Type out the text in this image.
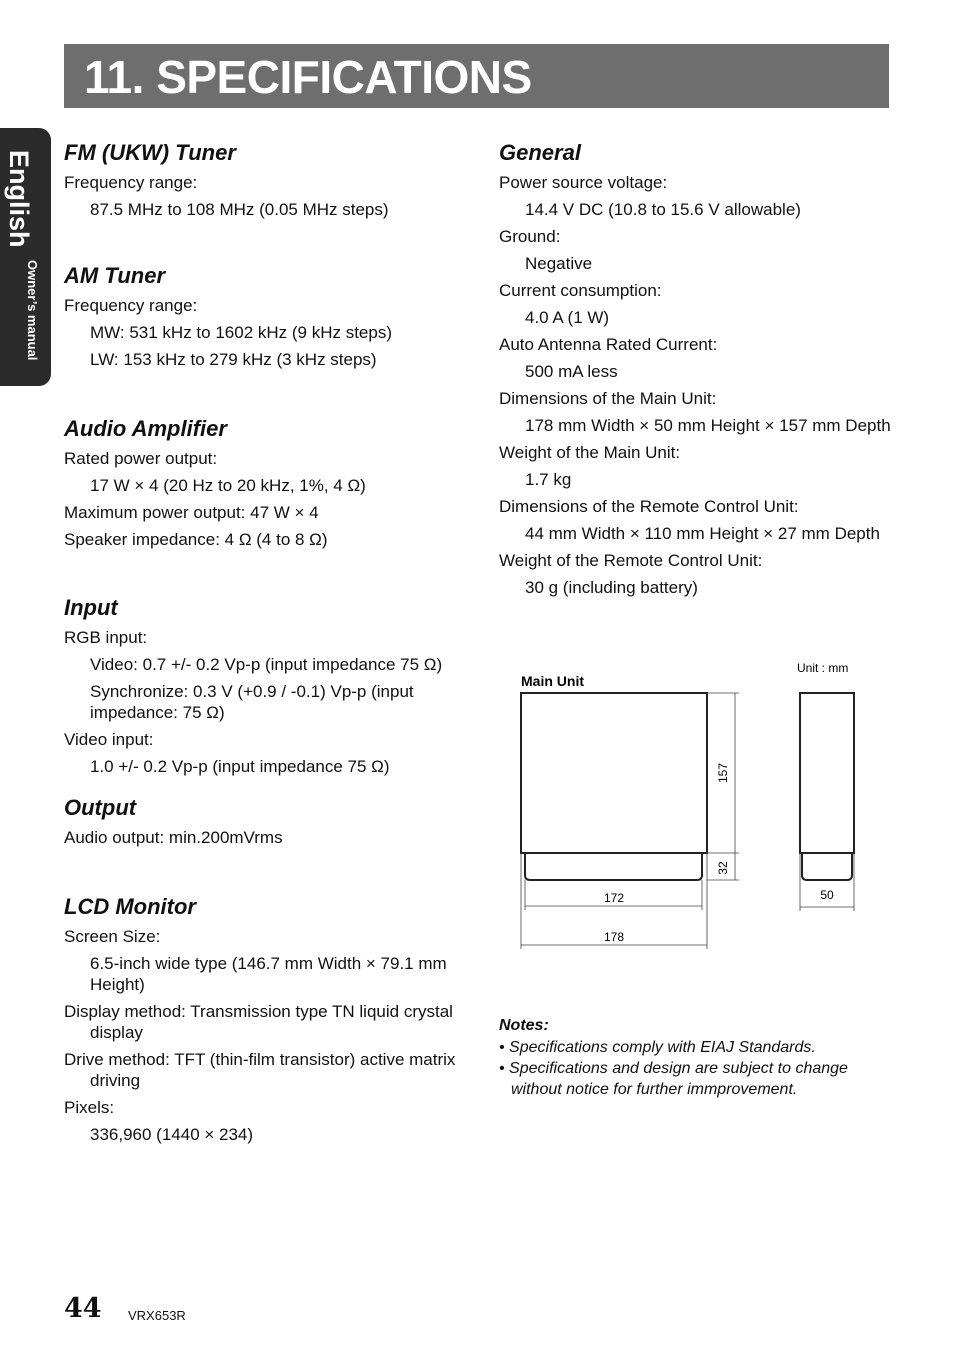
11. SPECIFICATIONS
English
Owner’s manual
FM (UKW) Tuner
Frequency range:
87.5 MHz to 108 MHz (0.05 MHz steps)
AM Tuner
Frequency range:
MW: 531 kHz to 1602 kHz (9 kHz steps)
LW: 153 kHz to 279 kHz (3 kHz steps)
Audio Amplifier
Rated power output:
17 W × 4 (20 Hz to 20 kHz, 1%, 4 Ω)
Maximum power output: 47 W × 4
Speaker impedance: 4 Ω (4 to 8 Ω)
Input
RGB input:
Video: 0.7 +/- 0.2 Vp-p (input impedance 75 Ω)
Synchronize: 0.3 V (+0.9 / -0.1) Vp-p (input impedance: 75 Ω)
Video input:
1.0 +/- 0.2 Vp-p (input impedance 75 Ω)
Output
Audio output: min.200mVrms
LCD Monitor
Screen Size:
6.5-inch wide type (146.7 mm Width × 79.1 mm Height)
Display method: Transmission type TN liquid crystal display
Drive method: TFT (thin-film transistor) active matrix driving
Pixels:
336,960 (1440 × 234)
General
Power source voltage:
14.4 V DC (10.8 to 15.6 V allowable)
Ground:
Negative
Current consumption:
4.0 A (1 W)
Auto Antenna Rated Current:
500 mA less
Dimensions of the Main Unit:
178 mm Width × 50 mm Height × 157 mm Depth
Weight of the Main Unit:
1.7 kg
Dimensions of the Remote Control Unit:
44 mm Width × 110 mm Height × 27 mm Depth
Weight of the Remote Control Unit:
30 g (including battery)
Main Unit
Unit : mm
157
32
172
178
50
Notes:
• Specifications comply with EIAJ Standards.
• Specifications and design are subject to change without notice for further immprovement.
44 VRX653R
